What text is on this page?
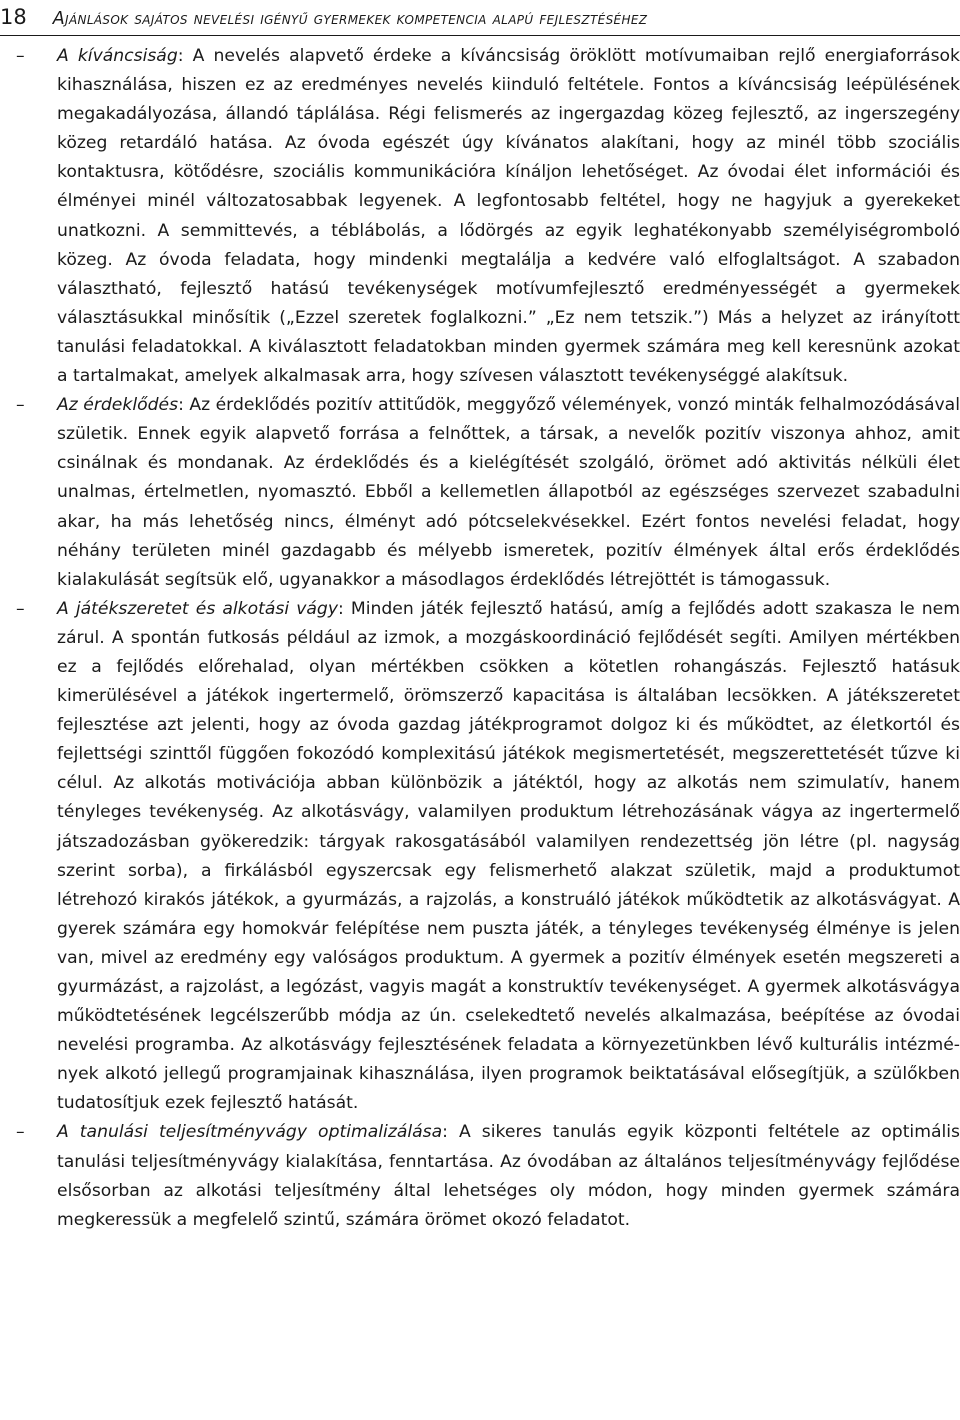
18 Ajánlások sajátos nevelési igényű gyermekek kompetencia alapú fejlesztéséhez
–	A kíváncsiság: A nevelés alapvető érdeke a kíváncsiság öröklött motívumaiban rejlő energiaforrások kihasználása, hiszen ez az eredményes nevelés kiinduló feltétele. Fontos a kíváncsiság leépülésének megakadályozása, állandó táplálása. Régi felismerés az ingergazdag közeg fejlesztő, az ingerszegény közeg retardáló hatása. Az óvoda egészét úgy kívánatos alakítani, hogy az minél több szociális kontaktusra, kötődésre, szociális kommunikációra kínáljon lehetőséget. Az óvodai élet információi és élményei minél változatosabbak legyenek. A legfontosabb feltétel, hogy ne hagyjuk a gyerekeket unatkozni. A semmittevés, a téblábolás, a lődörgés az egyik leghatékonyabb személyiségromboló közeg. Az óvoda feladata, hogy mindenki megtalálja a kedvére való elfoglaltságot. A szabadon választható, fejlesztő hatású tevékenységek motívumfejlesztő eredményességét a gyermekek választásukkal minősítik („Ezzel szeretek foglalkozni.” „Ez nem tetszik.”) Más a helyzet az irányított tanulási feladatokkal. A kiválasztott feladatokban minden gyermek számára meg kell keresnünk azokat a tartalmakat, amelyek alkalmasak arra, hogy szívesen választott tevékenységgé alakítsuk.
–	Az érdeklődés: Az érdeklődés pozitív attitűdök, meggyőző vélemények, vonzó minták felhalmozódásával születik. Ennek egyik alapvető forrása a felnőttek, a társak, a nevelők pozitív viszonya ahhoz, amit csinálnak és mondanak. Az érdeklődés és a kielégítését szolgáló, örömet adó aktivitás nélküli élet unalmas, értelmetlen, nyomasztó. Ebből a kellemetlen állapotból az egészséges szervezet szabadulni akar, ha más lehetőség nincs, élményt adó pótcselekvésekkel. Ezért fontos nevelési feladat, hogy néhány területen minél gazdagabb és mélyebb ismeretek, pozitív élmények által erős érdeklődés kialakulását segítsük elő, ugyanakkor a másodlagos érdeklődés létrejöttét is támogassuk.
–	A játékszeretet és alkotási vágy: Minden játék fejlesztő hatású, amíg a fejlődés adott szakasza le nem zárul. A spontán futkosás például az izmok, a mozgáskoordináció fejlődését segíti. Amilyen mértékben ez a fejlődés előrehalad, olyan mértékben csökken a kötetlen rohangászás. Fejlesztő hatásuk kimerülésével a játékok ingertermelő, örömszerző kapacitása is általában lecsökken. A játékszeretet fejlesztése azt jelenti, hogy az óvoda gazdag játékprogramot dolgoz ki és működtet, az életkortól és fejlettségi szinttől függően fokozódó komplexitású játékok megismertetését, megszerettetését tűzve ki célul. Az alkotás motivációja abban különbözik a játéktól, hogy az alkotás nem szimulatív, hanem tényleges tevékenység. Az alkotásvágy, valamilyen produktum létrehozásának vágya az ingertermelő játszadozásban gyökeredzik: tárgyak rakosgatásából valamilyen rendezettség jön létre (pl. nagyság szerint sorba), a firkálásból egyszercsak egy felismerhető alakzat születik, majd a produktumot létrehozó kirakós játékok, a gyurmázás, a rajzolás, a konstruáló játékok működtetik az alkotásvágyat. A gyerek számára egy homokvár felépítése nem puszta játék, a tényleges tevékenység élménye is jelen van, mivel az eredmény egy valóságos produktum. A gyermek a pozitív élmények esetén megszereti a gyurmázást, a rajzolást, a legózást, vagyis magát a konstruktív tevékenységet. A gyermek alkotásvágya működtetésének legcélszerűbb módja az ún. cselekedtető nevelés alkalmazása, beépítése az óvodai nevelési programba. Az alkotásvágy fejlesztésének feladata a környezetünkben lévő kulturális intézmények alkotó jellegű programjainak kihasználása, ilyen programok beiktatásával elősegítjük, a szülőkben tudatosítjuk ezek fejlesztő hatását.
–	A tanulási teljesítményvágy optimalizálása: A sikeres tanulás egyik központi feltétele az optimális tanulási teljesítményvágy kialakítása, fenntartása. Az óvodában az általános teljesítményvágy fejlődése elsősorban az alkotási teljesítmény által lehetséges oly módon, hogy minden gyermek számára megkeressük a megfelelő szintű, számára örömet okozó feladatot.
